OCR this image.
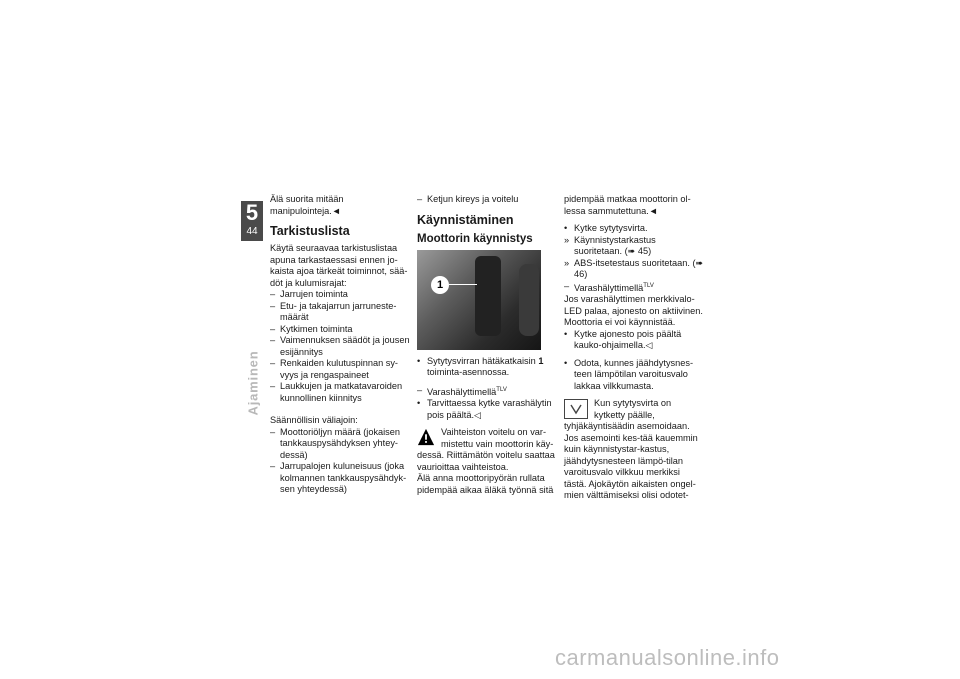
5
44
Ajaminen

Älä suorita mitään manipulointeja.◄

Tarkistuslista

Käytä seuraavaa tarkistuslistaa apuna tarkastaessasi ennen jo-kaista ajoa tärkeät toiminnot, sää-döt ja kulumisrajat:

– Jarrujen toiminta
– Etu- ja takajarrun jarruneste-määrät
– Kytkimen toiminta
– Vaimennuksen säädöt ja jousen esijännitys
– Renkaiden kulutuspinnan sy-vyys ja rengaspaineet
– Laukkujen ja matkatavaroiden kunnollinen kiinnitys

Säännöllisin väliajoin:

– Moottoriöljyn määrä (jokaisen tankkauspysähdyksen yhtey-dessä)
– Jarrupalojen kuluneisuus (joka kolmannen tankkauspysähdyk-sen yhteydessä)
– Ketjun kireys ja voitelu
Käynnistäminen
Moottorin käynnistys
1
• Sytytysvirran hätäkatkaisin 1 toiminta-asennossa.
– Varashälyttimellä$^{TLV}$
• Tarvittaessa kytke varashälytin pois päältä.◁

Vaihteiston voitelu on var-mistettu vain moottorin käy-dessä. Riittämätön voitelu saattaa vaurioittaa vaihteistoa.

Älä anna moottoripyörän rullata pidempää aikaa äläkä työnnä sitä

pidempää matkaa moottorin ol-lessa sammutettuna.◄

• Kytke sytytysvirta.
» Käynnistystarkastus suoritetaan. (➠ 45)
» ABS-itsetestaus suoritetaan. (➠ 46)
– Varashälyttimellä$^{TLV}$

Jos varashälyttimen merkkivalo-LED palaa, ajonesto on aktiivinen. Moottoria ei voi käynnistää.

• Kytke ajonesto pois päältä kauko-ohjaimella.◁
• Odota, kunnes jäähdytysnes-teen lämpötilan varoitusvalo lakkaa vilkkumasta.

Kun sytytysvirta on kytketty päälle, tyhjäkäyntisäädin asemoidaan. Jos asemointi kes-tää kauemmin kuin käynnistystar-kastus, jäähdytysnesteen lämpö-tilan varoitusvalo vilkkuu merkiksi tästä. Ajokäytön aikaisten ongel-mien välttämiseksi olisi odotet-

carmanualsonline.info
